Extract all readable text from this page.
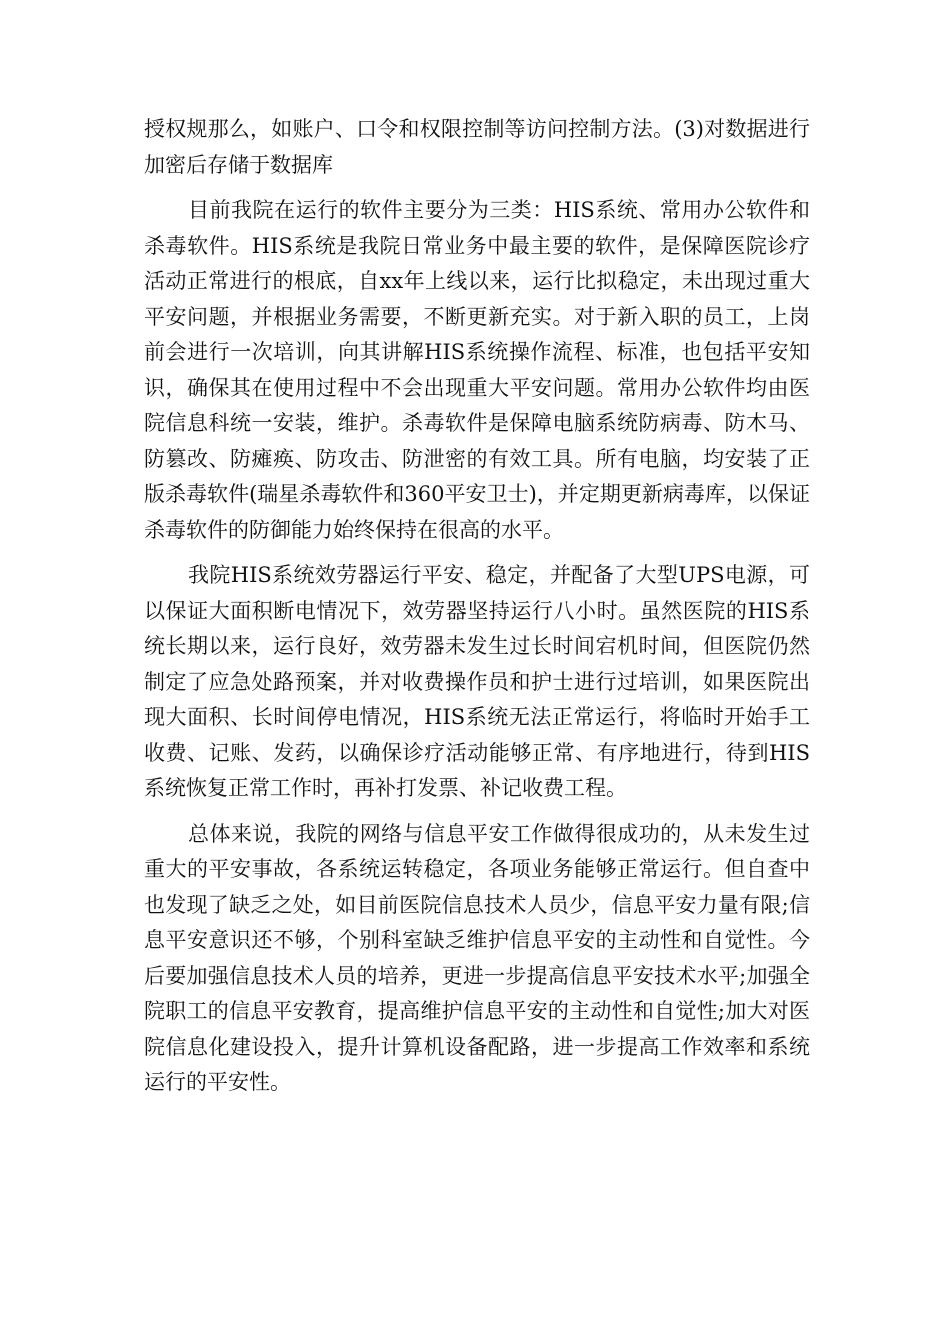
授权规那么，如账户、口令和权限控制等访问控制方法。(3)对数据进行加密后存储于数据库

目前我院在运行的软件主要分为三类：HIS系统、常用办公软件和杀毒软件。HIS系统是我院日常业务中最主要的软件，是保障医院诊疗活动正常进行的根底，自xx年上线以来，运行比拟稳定，未出现过重大平安问题，并根据业务需要，不断更新充实。对于新入职的员工，上岗前会进行一次培训，向其讲解HIS系统操作流程、标准，也包括平安知识，确保其在使用过程中不会出现重大平安问题。常用办公软件均由医院信息科统一安装，维护。杀毒软件是保障电脑系统防病毒、防木马、防篡改、防瘫痪、防攻击、防泄密的有效工具。所有电脑，均安装了正版杀毒软件(瑞星杀毒软件和360平安卫士)，并定期更新病毒库，以保证杀毒软件的防御能力始终保持在很高的水平。

我院HIS系统效劳器运行平安、稳定，并配备了大型UPS电源，可以保证大面积断电情况下，效劳器坚持运行八小时。虽然医院的HIS系统长期以来，运行良好，效劳器未发生过长时间宕机时间，但医院仍然制定了应急处路预案，并对收费操作员和护士进行过培训，如果医院出现大面积、长时间停电情况，HIS系统无法正常运行，将临时开始手工收费、记账、发药，以确保诊疗活动能够正常、有序地进行，待到HIS系统恢复正常工作时，再补打发票、补记收费工程。

总体来说，我院的网络与信息平安工作做得很成功的，从未发生过重大的平安事故，各系统运转稳定，各项业务能够正常运行。但自查中也发现了缺乏之处，如目前医院信息技术人员少，信息平安力量有限;信息平安意识还不够，个别科室缺乏维护信息平安的主动性和自觉性。今后要加强信息技术人员的培养，更进一步提高信息平安技术水平;加强全院职工的信息平安教育，提高维护信息平安的主动性和自觉性;加大对医院信息化建设投入，提升计算机设备配路，进一步提高工作效率和系统运行的平安性。
